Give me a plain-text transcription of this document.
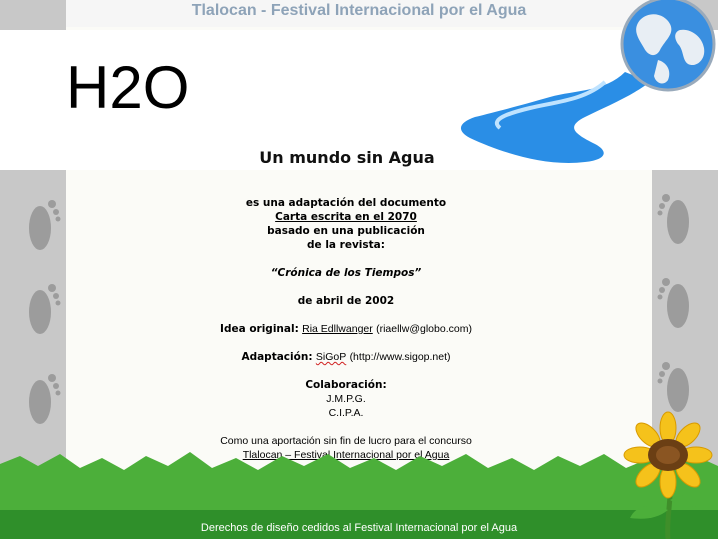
Tlalocan - Festival Internacional por el Agua
H2O
Un mundo sin Agua
es una adaptación del documento
Carta escrita en el 2070
basado en una publicación
de la revista:
“Crónica de los Tiempos”
de abril de 2002
Idea original: Ria Edllwanger (riaellw@globo.com)
Adaptación: SiGoP (http://www.sigop.net)
Colaboración:
J.M.P.G.
C.I.P.A.
Como una aportación sin fin de lucro para el concurso
Tlalocan – Festival Internacional por el Agua
Derechos de diseño cedidos al Festival Internacional por el Agua
